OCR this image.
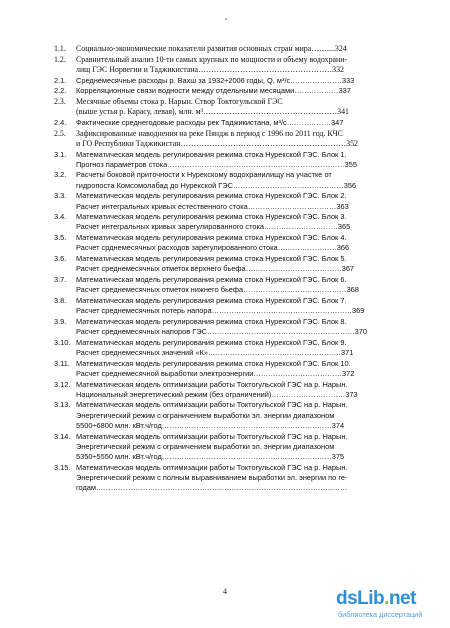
1.1. Социально-экономические показатели развития основных стран мира……....324
1.2. Сравнительный анализ 10-ти самых крупных по мощности и объему водохрани-
лищ ГЭС Норвегии и Таджикистана……………………………………………332
2.1. Среднемесячные расходы р. Вахш за 1932÷2006 годы, Q, м³/с…………………333
2.2. Корреляционные связи водности между отдельными месяцами………………337
2.3. Месячные объемы стока р. Нарын. Створ Токтогульской ГЭС
(выше устья р. Карасу, левая), млн. м³……………………………………………341
2.4. Фактические среднегодовые расходы рек Таджикистана, м³/с………………347
2.5. Зафиксированные наводнения на реке Пяндж в период с 1996 по 2011 год. КЧС
и ГО Республики Таджикистан………………………………………………………352
3.1. Математическая модель регулирования режима стока Нурекской ГЭС. Блок 1.
Прогноз параметров стока………………………………………………………………355
3.2. Расчеты боковой приточности к Нурекскому водохранилищу на участке от
гидропоста Комсомолабад до Нурекской ГЭС………………………………………356
3.3. Математическая модель регулирования режима стока Нурекской ГЭС. Блок 2.
Расчет интегральных кривых естественного стока………………………………363
3.4. Математическая модель регулирования режима стока Нурекской ГЭС. Блок 3.
Расчет интегральных кривых зарегулированного стока…………………………365
3.5. Математическая модель регулирования режима стока Нурекской ГЭС. Блок 4.
Расчет срднемесячных расходов зарегулированного стока……………………366
3.6. Математическая модель регулирования режима стока Нурекской ГЭС. Блок 5.
Расчет среднемесячных отметок верхнего бьефа…………………………………367
3.7. Математическая модель регулирования режима стока Нурекской ГЭС. Блок 6.
Расчет среднемесячных отметок нижнего бьефа……………………………………368
3.8. Математическая модель регулирования режима стока Нурекской ГЭС. Блок 7.
Расчет среднемесячных потерь напора…………………………………………………369
3.9. Математическая модель регулирования режима стока Нурекской ГЭС. Блок 8.
Расчет среднемесячных напоров ГЭС……………………………………………………370
3.10. Математическая модель регулирования режима стока Нурекской ГЭС. Блок 9.
Расчет среднемесячных значений «К»………………………………………………371
3.11. Математическая модель регулирования режима стока Нурекской ГЭС. Блок 10.
Расчет среднемесячной выработки электроэнергии………………………………372
3.12. Математическая модель оптимизации работы Токтогульской ГЭС на р. Нарын.
Национальный энергетический режим (без ограничений)…………………………373
3.13. Математическая модель оптимизации работы Токтогульской ГЭС на р. Нарын.
Энергетический режим с ограничением выработки эл. энергии диапазоном
5500÷6800 млн. кВт.ч/год……………………………………………………………374
3.14. Математическая модель оптимизации работы Токтогульской ГЭС на р. Нарын.
Энергетический режим с ограничением выработки эл. энергии диапазоном
5350÷5550 млн. кВт.ч/год……………………………………………………………375
3.15. Математическая модель оптимизации работы Токтогульской ГЭС на р. Нарын.
Энергетический режим с полным выравниванием выработки эл. энергии по ге-
годам…………………………………………………………………………………………
4	dsLib.net
библиотека диссертаций
